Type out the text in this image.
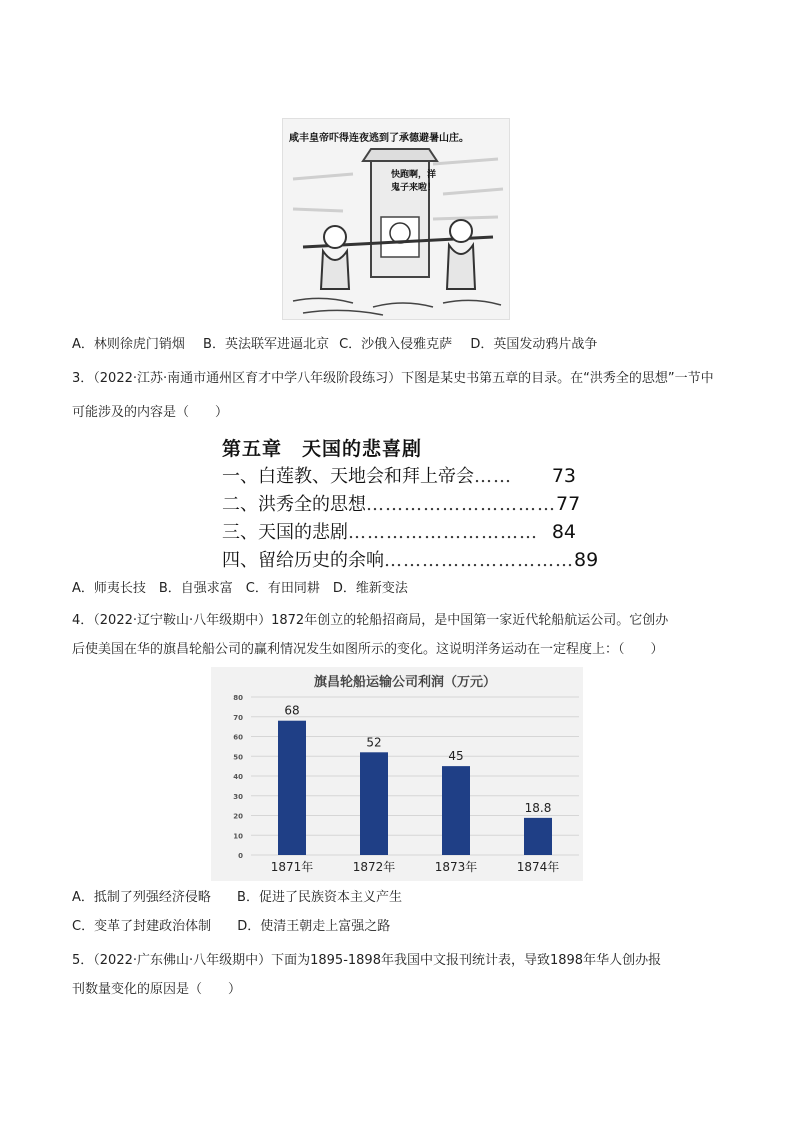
咸丰皇帝吓得连夜逃到了承德避暑山庄。
快跑啊，洋
鬼子来啦！
A．林则徐虎门销烟 B．英法联军进逼北京 C．沙俄入侵雅克萨 D．英国发动鸦片战争
3．（2022·江苏·南通市通州区育才中学八年级阶段练习）下图是某史书第五章的目录。在“洪秀全的思想”一节中可能涉及的内容是（　　）
第五章　天国的悲喜剧
一、白莲教、天地会和拜上帝会 ……	73
二、洪秀全的思想 ………………………… 77
三、天国的悲剧 ………………………… 84
四、留给历史的余响 ………………………… 89
A．师夷长技　B．自强求富　C．有田同耕　D．维新变法
4．（2022·辽宁鞍山·八年级期中）1872年创立的轮船招商局，是中国第一家近代轮船航运公司。它创办
后使美国在华的旗昌轮船公司的赢利情况发生如图所示的变化。这说明洋务运动在一定程度上：（　　）
旗昌轮船运输公司利润（万元）
0
10
20
30
40
50
60
70
80
68
1871年
52
1872年
45
1873年
18.8
1874年
A．抵制了列强经济侵略 B．促进了民族资本主义产生
C．变革了封建政治体制 D．使清王朝走上富强之路
5．（2022·广东佛山·八年级期中）下面为1895-1898年我国中文报刊统计表，导致1898年华人创办报
刊数量变化的原因是（　　）
